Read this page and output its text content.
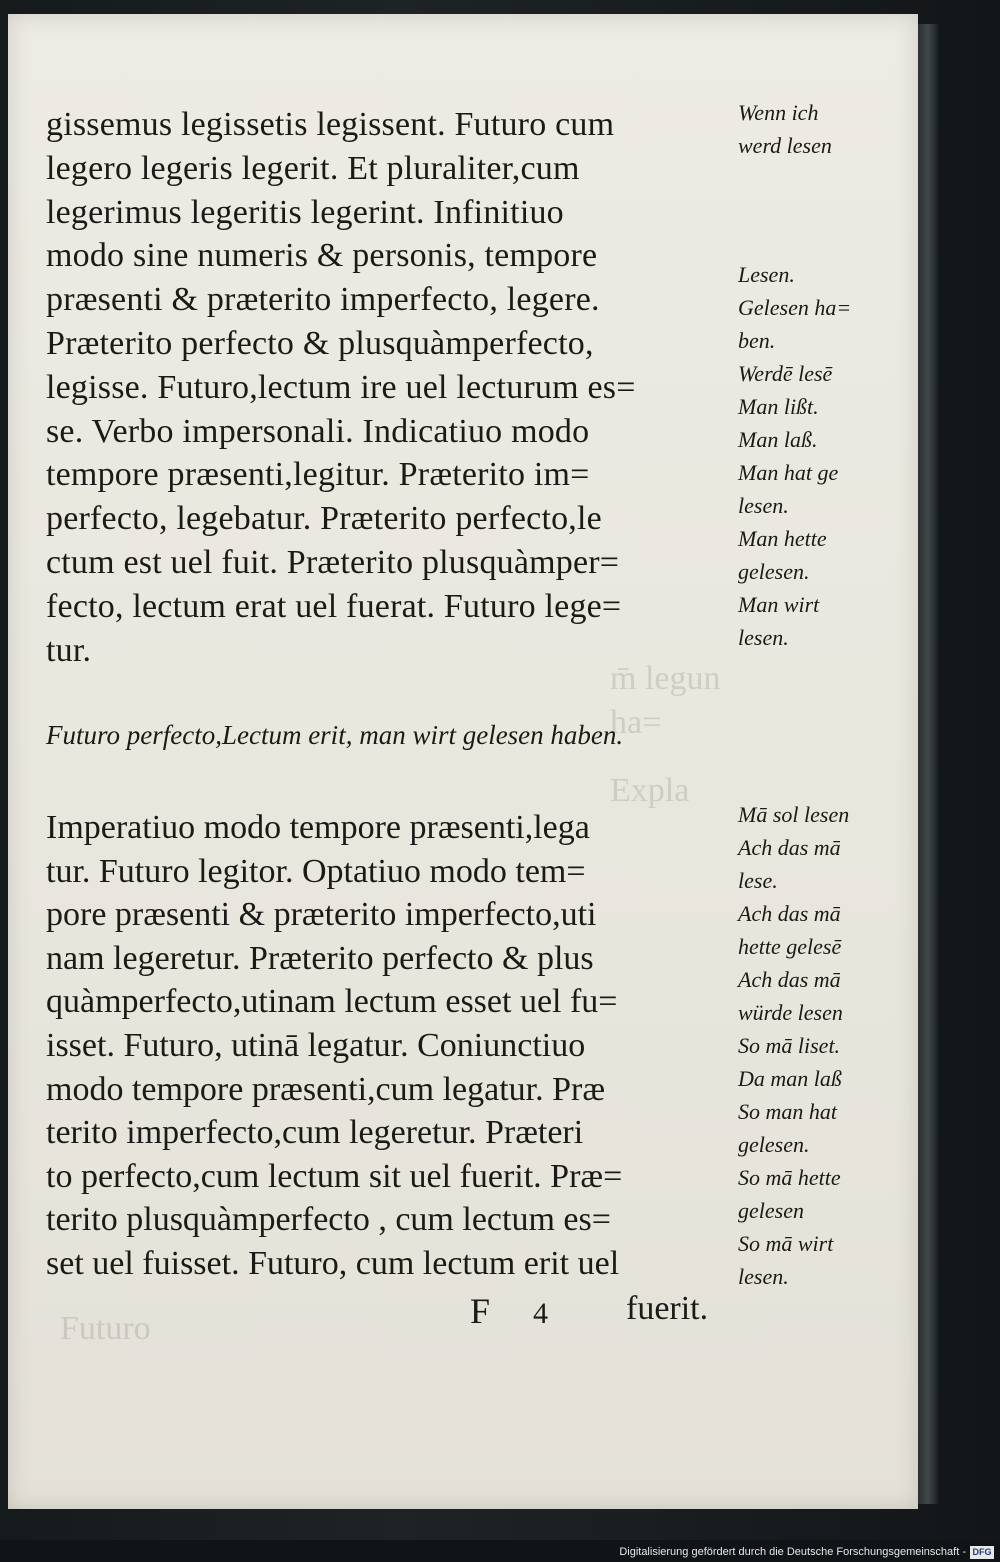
gissemus legissetis legissent. Futuro cum
legero legeris legerit. Et pluraliter,cum
legerimus legeritis legerint. Infinitiuo
modo sine numeris & personis, tempore
præsenti & præterito imperfecto, legere.
Præterito perfecto & plusquàmperfecto,
legisse. Futuro,lectum ire uel lecturum es=
se. Verbo impersonali. Indicatiuo modo
tempore præsenti,legitur. Præterito im=
perfecto, legebatur. Præterito perfecto,le
ctum est uel fuit. Præterito plusquàmper=
fecto, lectum erat uel fuerat. Futuro lege=
tur.
Futuro perfecto,Lectum erit, man wirt gelesen haben.
Imperatiuo modo tempore præsenti,lega
tur. Futuro legitor. Optatiuo modo tem=
pore præsenti & præterito imperfecto,uti
nam legeretur. Præterito perfecto & plus
quàmperfecto,utinam lectum esset uel fu=
isset. Futuro, utinā legatur. Coniunctiuo
modo tempore præsenti,cum legatur. Præ
terito imperfecto,cum legeretur. Præteri
to perfecto,cum lectum sit uel fuerit. Præ=
terito plusquàmperfecto , cum lectum es=
set uel fuisset. Futuro, cum lectum erit uel
Wenn ich
werd lesen
Lesen.
Gelesen ha=
ben.
Werdē lesē
Man lißt.
Man laß.
Man hat ge
lesen.
Man hette
gelesen.
Man wirt
lesen.
Mā sol lesen
Ach das mā
lese.
Ach das mā
hette gelesē
Ach das mā
würde lesen
So mā liset.
Da man laß
So man hat
gelesen.
So mā hette
gelesen
So mā wirt
lesen.
F 4 fuerit.
Digitalisierung gefördert durch die Deutsche Forschungsgemeinschaft - DFG
